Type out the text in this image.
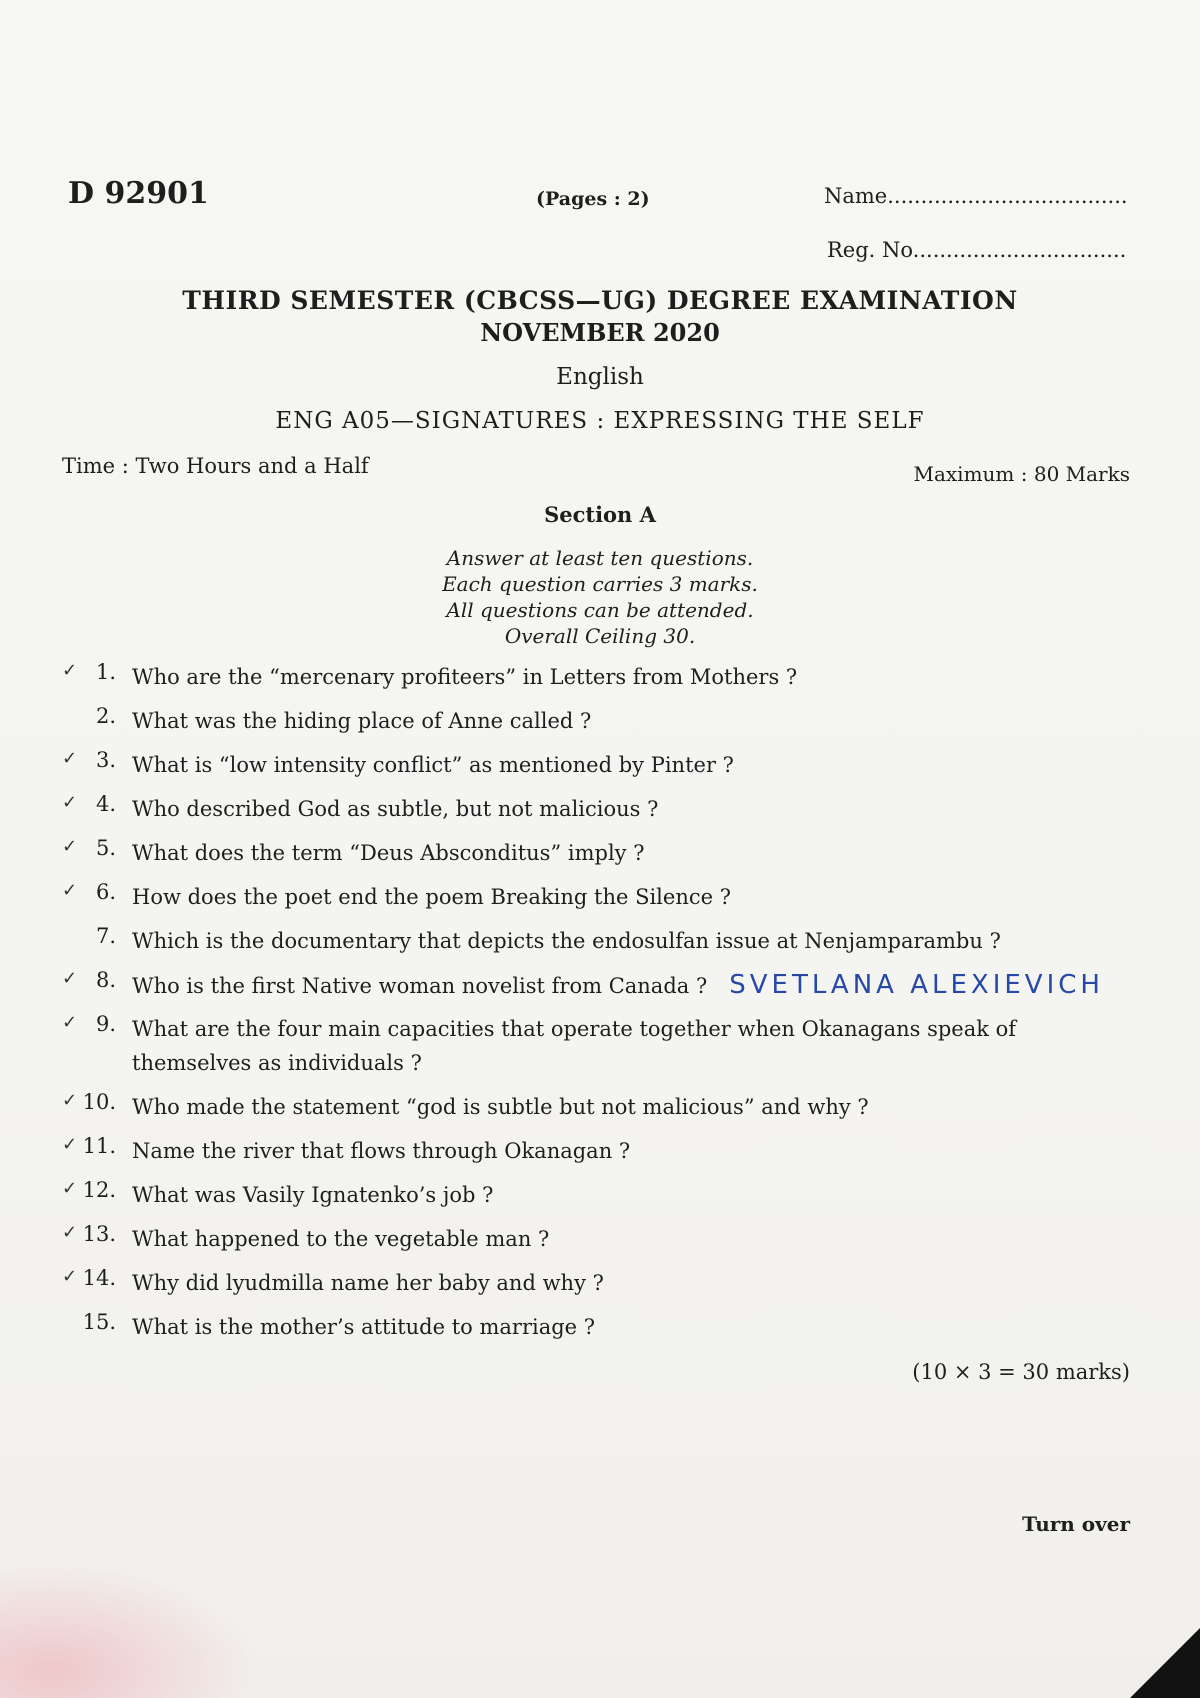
D 92901	(Pages : 2)	Name....................................
Reg. No................................
THIRD SEMESTER (CBCSS—UG) DEGREE EXAMINATION
NOVEMBER 2020
English
ENG A05—SIGNATURES : EXPRESSING THE SELF
Time : Two Hours and a Half	Maximum : 80 Marks
Section A
Answer at least ten questions.
Each question carries 3 marks.
All questions can be attended.
Overall Ceiling 30.
✓ 1. Who are the “mercenary profiteers” in Letters from Mothers ?
2. What was the hiding place of Anne called ?
✓ 3. What is “low intensity conflict” as mentioned by Pinter ?
✓ 4. Who described God as subtle, but not malicious ?
✓ 5. What does the term “Deus Absconditus” imply ?
✓ 6. How does the poet end the poem Breaking the Silence ?
7. Which is the documentary that depicts the endosulfan issue at Nenjamparambu ?
✓ 8. Who is the first Native woman novelist from Canada ? SVETLANA ALEXIEVICH
✓ 9. What are the four main capacities that operate together when Okanagans speak of themselves as individuals ?
✓ 10. Who made the statement “god is subtle but not malicious” and why ?
✓ 11. Name the river that flows through Okanagan ?
✓ 12. What was Vasily Ignatenko’s job ?
✓ 13. What happened to the vegetable man ?
✓ 14. Why did lyudmilla name her baby and why ?
15. What is the mother’s attitude to marriage ?
(10 × 3 = 30 marks)
Turn over
